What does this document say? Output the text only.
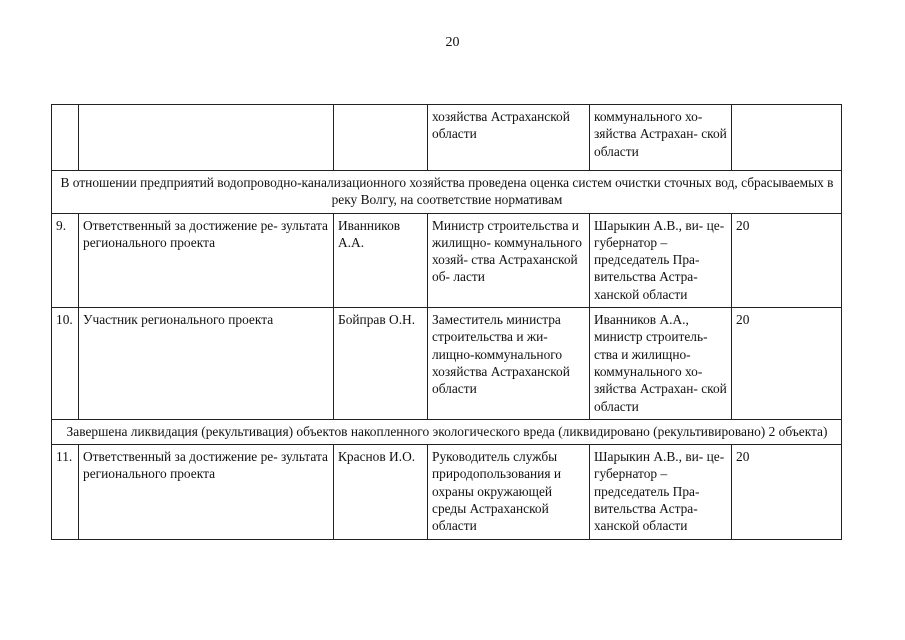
20
			хозяйства Астраханской области	коммунального хо- зяйства Астрахан- ской области	
В отношении предприятий водопроводно-канализационного хозяйства проведена оценка систем очистки сточных вод, сбрасываемых в реку Волгу, на соответствие нормативам					
9.	Ответственный за достижение ре- зультата регионального проекта	Иванников А.А.	Министр строительства и жилищно- коммунального хозяй- ства Астраханской об- ласти	Шарыкин А.В., ви- це-губернатор – председатель Пра- вительства Астра- ханской области	20
10.	Участник регионального проекта	Бойправ О.Н.	Заместитель министра строительства и жи- лищно-коммунального хозяйства Астраханской области	Иванников А.А., министр строитель- ства и жилищно- коммунального хо- зяйства Астрахан- ской области	20
Завершена ликвидация (рекультивация) объектов накопленного экологического вреда (ликвидировано (рекультивировано) 2 объекта)					
11.	Ответственный за достижение ре- зультата регионального проекта	Краснов И.О.	Руководитель службы природопользования и охраны окружающей среды Астраханской области	Шарыкин А.В., ви- це-губернатор – председатель Пра- вительства Астра- ханской области	20
